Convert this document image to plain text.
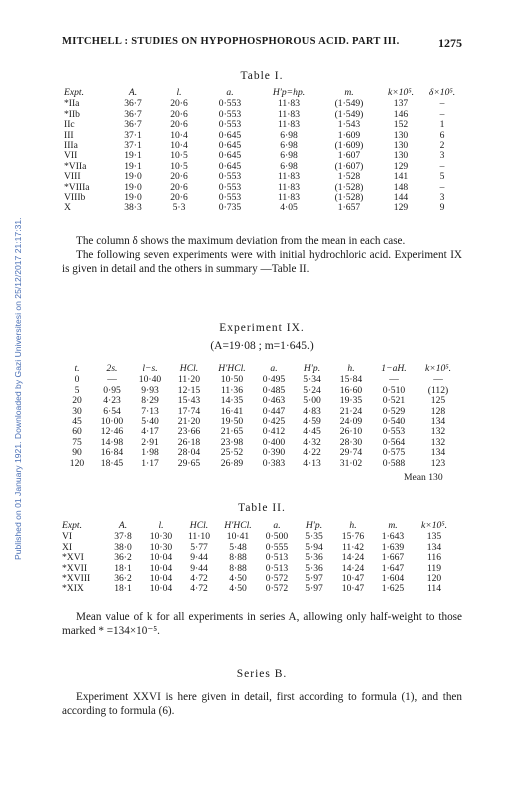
Published on 01 January 1921. Downloaded by Gazi Universitesi on 25/12/2017 21:17:31.
MITCHELL : STUDIES ON HYPOPHOSPHOROUS ACID. PART III.	1275
Table I.
Expt.	A.	l.	a.	H′p=hp.	m.	k×10⁵.	δ×10⁵.
*IIa	36·7	20·6	0·553	11·83	(1·549)	137	–
*IIb	36·7	20·6	0·553	11·83	(1·549)	146	–
IIc	36·7	20·6	0·553	11·83	1·543	152	1
III	37·1	10·4	0·645	6·98	1·609	130	6
IIIa	37·1	10·4	0·645	6·98	(1·609)	130	2
VII	19·1	10·5	0·645	6·98	1·607	130	3
*VIIa	19·1	10·5	0·645	6·98	(1·607)	129	–
VIII	19·0	20·6	0·553	11·83	1·528	141	5
*VIIIa	19·0	20·6	0·553	11·83	(1·528)	148	–
VIIIb	19·0	20·6	0·553	11·83	(1·528)	144	3
X	38·3	5·3	0·735	4·05	1·657	129	9

The column δ shows the maximum deviation from the mean in each case.

The following seven experiments were with initial hydrochloric acid. Experiment IX is given in detail and the others in summary —Table II.

Experiment IX.
(A=19·08 ; m=1·645.)
t.	2s.	l−s.	HCl.	H′HCl.	a.	H′p.	h.	1−aH.	k×10⁵.
0	—	10·40	11·20	10·50	0·495	5·34	15·84	—	—
5	0·95	9·93	12·15	11·36	0·485	5·24	16·60	0·510	(112)
20	4·23	8·29	15·43	14·35	0·463	5·00	19·35	0·521	125
30	6·54	7·13	17·74	16·41	0·447	4·83	21·24	0·529	128
45	10·00	5·40	21·20	19·50	0·425	4·59	24·09	0·540	134
60	12·46	4·17	23·66	21·65	0·412	4·45	26·10	0·553	132
75	14·98	2·91	26·18	23·98	0·400	4·32	28·30	0·564	132
90	16·84	1·98	28·04	25·52	0·390	4·22	29·74	0·575	134
120	18·45	1·17	29·65	26·89	0·383	4·13	31·02	0·588	123
Mean 130
Table II.
Expt.	A.	l.	HCl.	H′HCl.	a.	H′p.	h.	m.	k×10⁵.
VI	37·8	10·30	11·10	10·41	0·500	5·35	15·76	1·643	135
XI	38·0	10·30	5·77	5·48	0·555	5·94	11·42	1·639	134
*XVI	36·2	10·04	9·44	8·88	0·513	5·36	14·24	1·667	116
*XVII	18·1	10·04	9·44	8·88	0·513	5·36	14·24	1·647	119
*XVIII	36·2	10·04	4·72	4·50	0·572	5·97	10·47	1·604	120
*XIX	18·1	10·04	4·72	4·50	0·572	5·97	10·47	1·625	114

Mean value of k for all experiments in series A, allowing only half-weight to those marked * =134×10⁻⁵.

Series B.

Experiment XXVI is here given in detail, first according to formula (1), and then according to formula (6).
